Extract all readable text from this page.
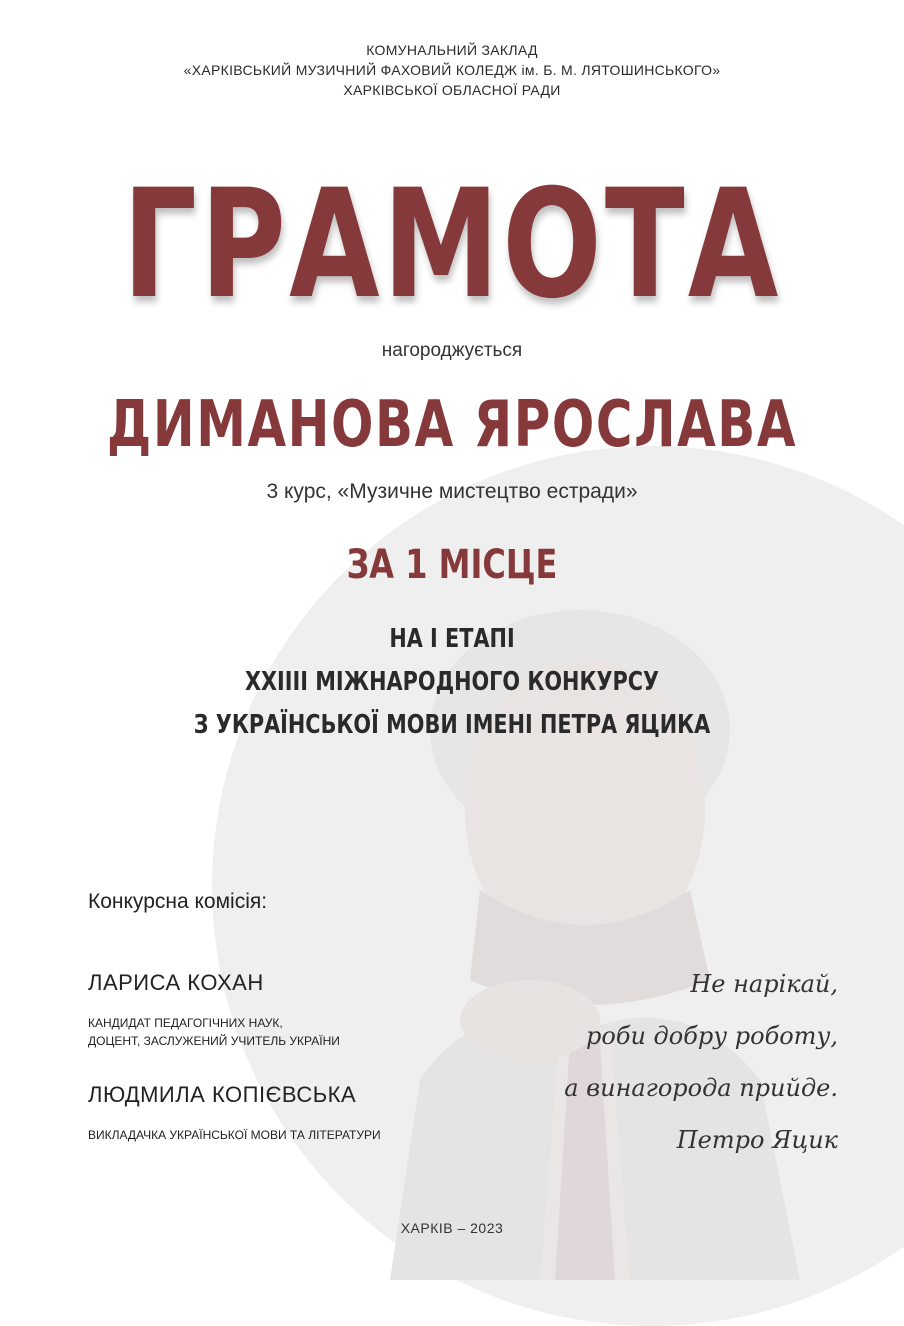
КОМУНАЛЬНИЙ ЗАКЛАД
«ХАРКІВСЬКИЙ МУЗИЧНИЙ ФАХОВИЙ КОЛЕДЖ ім. Б. М. ЛЯТОШИНСЬКОГО»
ХАРКІВСЬКОЇ ОБЛАСНОЇ РАДИ
ГРАМОТА
нагороджується
ДИМАНОВА ЯРОСЛАВА
3 курс, «Музичне мистецтво естради»
ЗА 1 МІСЦЕ
НА І ЕТАПІ
XXIIII МІЖНАРОДНОГО КОНКУРСУ
З УКРАЇНСЬКОЇ МОВИ ІМЕНІ ПЕТРА ЯЦИКА
Конкурсна комісія:
ЛАРИСА КОХАН
КАНДИДАТ ПЕДАГОГІЧНИХ НАУК,
ДОЦЕНТ, ЗАСЛУЖЕНИЙ УЧИТЕЛЬ УКРАЇНИ
ЛЮДМИЛА КОПІЄВСЬКА
ВИКЛАДАЧКА УКРАЇНСЬКОЇ МОВИ ТА ЛІТЕРАТУРИ
Не нарікай,
роби добру роботу,
а винагорода прийде.
Петро Яцик
ХАРКІВ – 2023
